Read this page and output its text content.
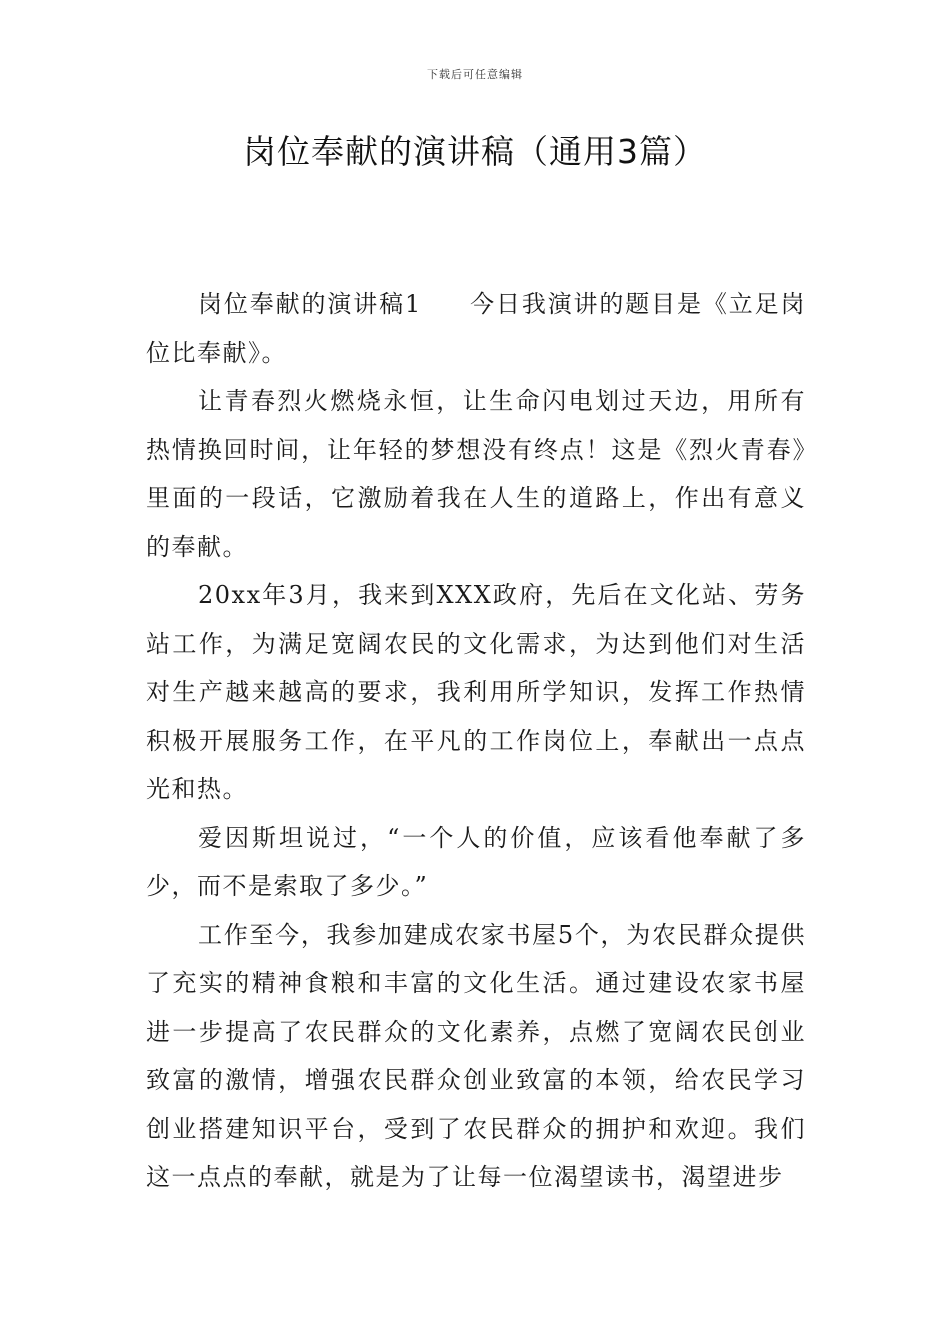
下载后可任意编辑
岗位奉献的演讲稿（通用3篇）

岗位奉献的演讲稿1 今日我演讲的题目是《立足岗位比奉献》。

让青春烈火燃烧永恒，让生命闪电划过天边，用所有热情换回时间，让年轻的梦想没有终点！这是《烈火青春》里面的一段话，它激励着我在人生的道路上，作出有意义的奉献。

20xx年3月，我来到XXX政府，先后在文化站、劳务站工作，为满足宽阔农民的文化需求，为达到他们对生活对生产越来越高的要求，我利用所学知识，发挥工作热情积极开展服务工作，在平凡的工作岗位上，奉献出一点点光和热。

爱因斯坦说过，“一个人的价值，应该看他奉献了多少，而不是索取了多少。”

工作至今，我参加建成农家书屋5个，为农民群众提供了充实的精神食粮和丰富的文化生活。通过建设农家书屋进一步提高了农民群众的文化素养，点燃了宽阔农民创业致富的激情，增强农民群众创业致富的本领，给农民学习创业搭建知识平台，受到了农民群众的拥护和欢迎。我们这一点点的奉献，就是为了让每一位渴望读书，渴望进步
